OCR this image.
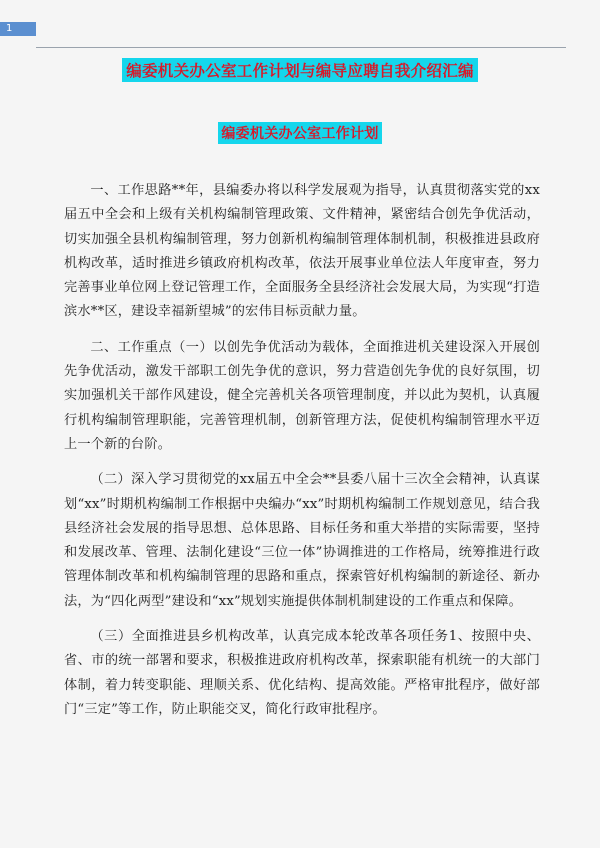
1
编委机关办公室工作计划与编导应聘自我介绍汇编
编委机关办公室工作计划

一、工作思路**年，县编委办将以科学发展观为指导，认真贯彻落实党的xx届五中全会和上级有关机构编制管理政策、文件精神，紧密结合创先争优活动，切实加强全县机构编制管理，努力创新机构编制管理体制机制，积极推进县政府机构改革，适时推进乡镇政府机构改革，依法开展事业单位法人年度审查，努力完善事业单位网上登记管理工作，全面服务全县经济社会发展大局，为实现“打造滨水**区，建设幸福新望城”的宏伟目标贡献力量。

二、工作重点（一）以创先争优活动为载体，全面推进机关建设深入开展创先争优活动，激发干部职工创先争优的意识，努力营造创先争优的良好氛围，切实加强机关干部作风建设，健全完善机关各项管理制度，并以此为契机，认真履行机构编制管理职能，完善管理机制，创新管理方法，促使机构编制管理水平迈上一个新的台阶。

（二）深入学习贯彻党的xx届五中全会**县委八届十三次全会精神，认真谋划“xx”时期机构编制工作根据中央编办“xx”时期机构编制工作规划意见，结合我县经济社会发展的指导思想、总体思路、目标任务和重大举措的实际需要，坚持和发展改革、管理、法制化建设“三位一体”协调推进的工作格局，统筹推进行政管理体制改革和机构编制管理的思路和重点，探索管好机构编制的新途径、新办法，为“四化两型”建设和“xx”规划实施提供体制机制建设的工作重点和保障。

（三）全面推进县乡机构改革，认真完成本轮改革各项任务1、按照中央、省、市的统一部署和要求，积极推进政府机构改革，探索职能有机统一的大部门体制，着力转变职能、理顺关系、优化结构、提高效能。严格审批程序，做好部门“三定”等工作，防止职能交叉，简化行政审批程序。
